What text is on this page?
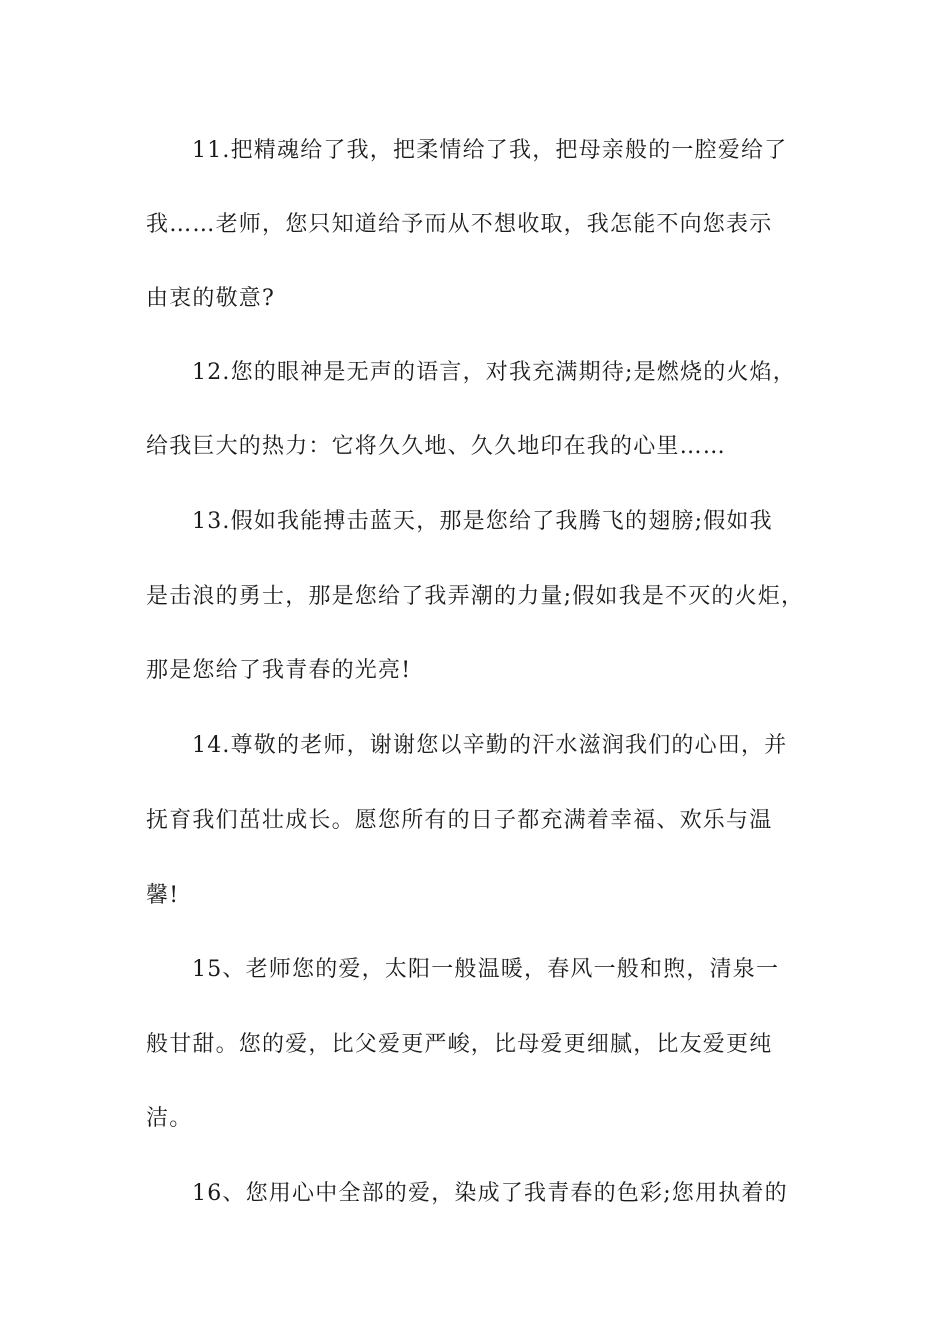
11.把精魂给了我，把柔情给了我，把母亲般的一腔爱给了
我……老师，您只知道给予而从不想收取，我怎能不向您表示
由衷的敬意?
12.您的眼神是无声的语言，对我充满期待;是燃烧的火焰，
给我巨大的热力：它将久久地、久久地印在我的心里……
13.假如我能搏击蓝天，那是您给了我腾飞的翅膀;假如我
是击浪的勇士，那是您给了我弄潮的力量;假如我是不灭的火炬，
那是您给了我青春的光亮!
14.尊敬的老师，谢谢您以辛勤的汗水滋润我们的心田，并
抚育我们茁壮成长。愿您所有的日子都充满着幸福、欢乐与温
馨!
15、老师您的爱，太阳一般温暖，春风一般和煦，清泉一
般甘甜。您的爱，比父爱更严峻，比母爱更细腻，比友爱更纯
洁。
16、您用心中全部的爱，染成了我青春的色彩;您用执着的
